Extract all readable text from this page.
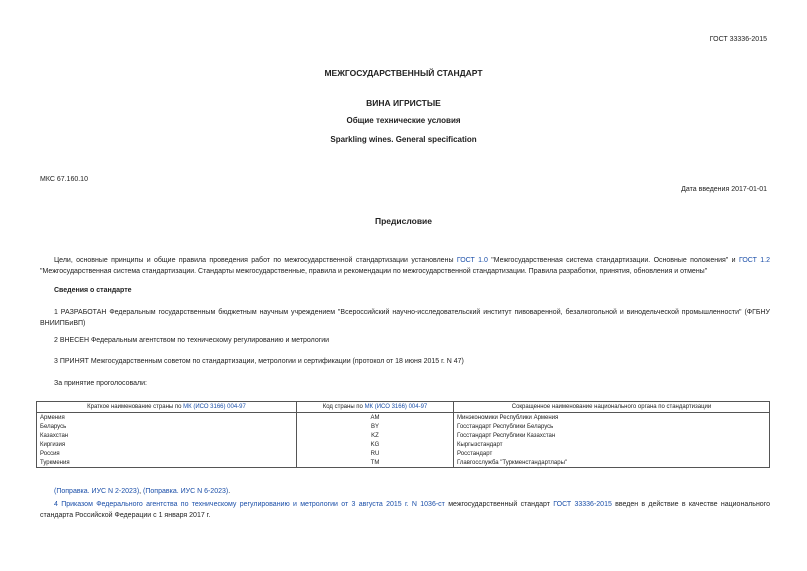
ГОСТ 33336-2015
МЕЖГОСУДАРСТВЕННЫЙ СТАНДАРТ
ВИНА ИГРИСТЫЕ
Общие технические условия
Sparkling wines. General specification
МКС 67.160.10
Дата введения 2017-01-01
Предисловие
Цели, основные принципы и общие правила проведения работ по межгосударственной стандартизации установлены ГОСТ 1.0 "Межгосударственная система стандартизации. Основные положения" и ГОСТ 1.2 "Межгосударственная система стандартизации. Стандарты межгосударственные, правила и рекомендации по межгосударственной стандартизации. Правила разработки, принятия, обновления и отмены"
Сведения о стандарте
1 РАЗРАБОТАН Федеральным государственным бюджетным научным учреждением "Всероссийский научно-исследовательский институт пивоваренной, безалкогольной и винодельческой промышленности" (ФГБНУ ВНИИПБиВП)
2 ВНЕСЕН Федеральным агентством по техническому регулированию и метрологии
3 ПРИНЯТ Межгосударственным советом по стандартизации, метрологии и сертификации (протокол от 18 июня 2015 г. N 47)
За принятие проголосовали:
Краткое наименование страны по МК (ИСО 3166) 004-97	Код страны по МК (ИСО 3166) 004-97	Сокращенное наименование национального органа по стандартизации
Армения	AM	Минэкономики Республики Армения
Беларусь	BY	Госстандарт Республики Беларусь
Казахстан	KZ	Госстандарт Республики Казахстан
Киргизия	KG	Кыргызстандарт
Россия	RU	Росстандарт
Туркмения	TM	Главгосслужба "Туркменстандартлары"
(Поправка. ИУС N 2-2023), (Поправка. ИУС N 6-2023).
4 Приказом Федерального агентства по техническому регулированию и метрологии от 3 августа 2015 г. N 1036-ст межгосударственный стандарт ГОСТ 33336-2015 введен в действие в качестве национального стандарта Российской Федерации с 1 января 2017 г.
